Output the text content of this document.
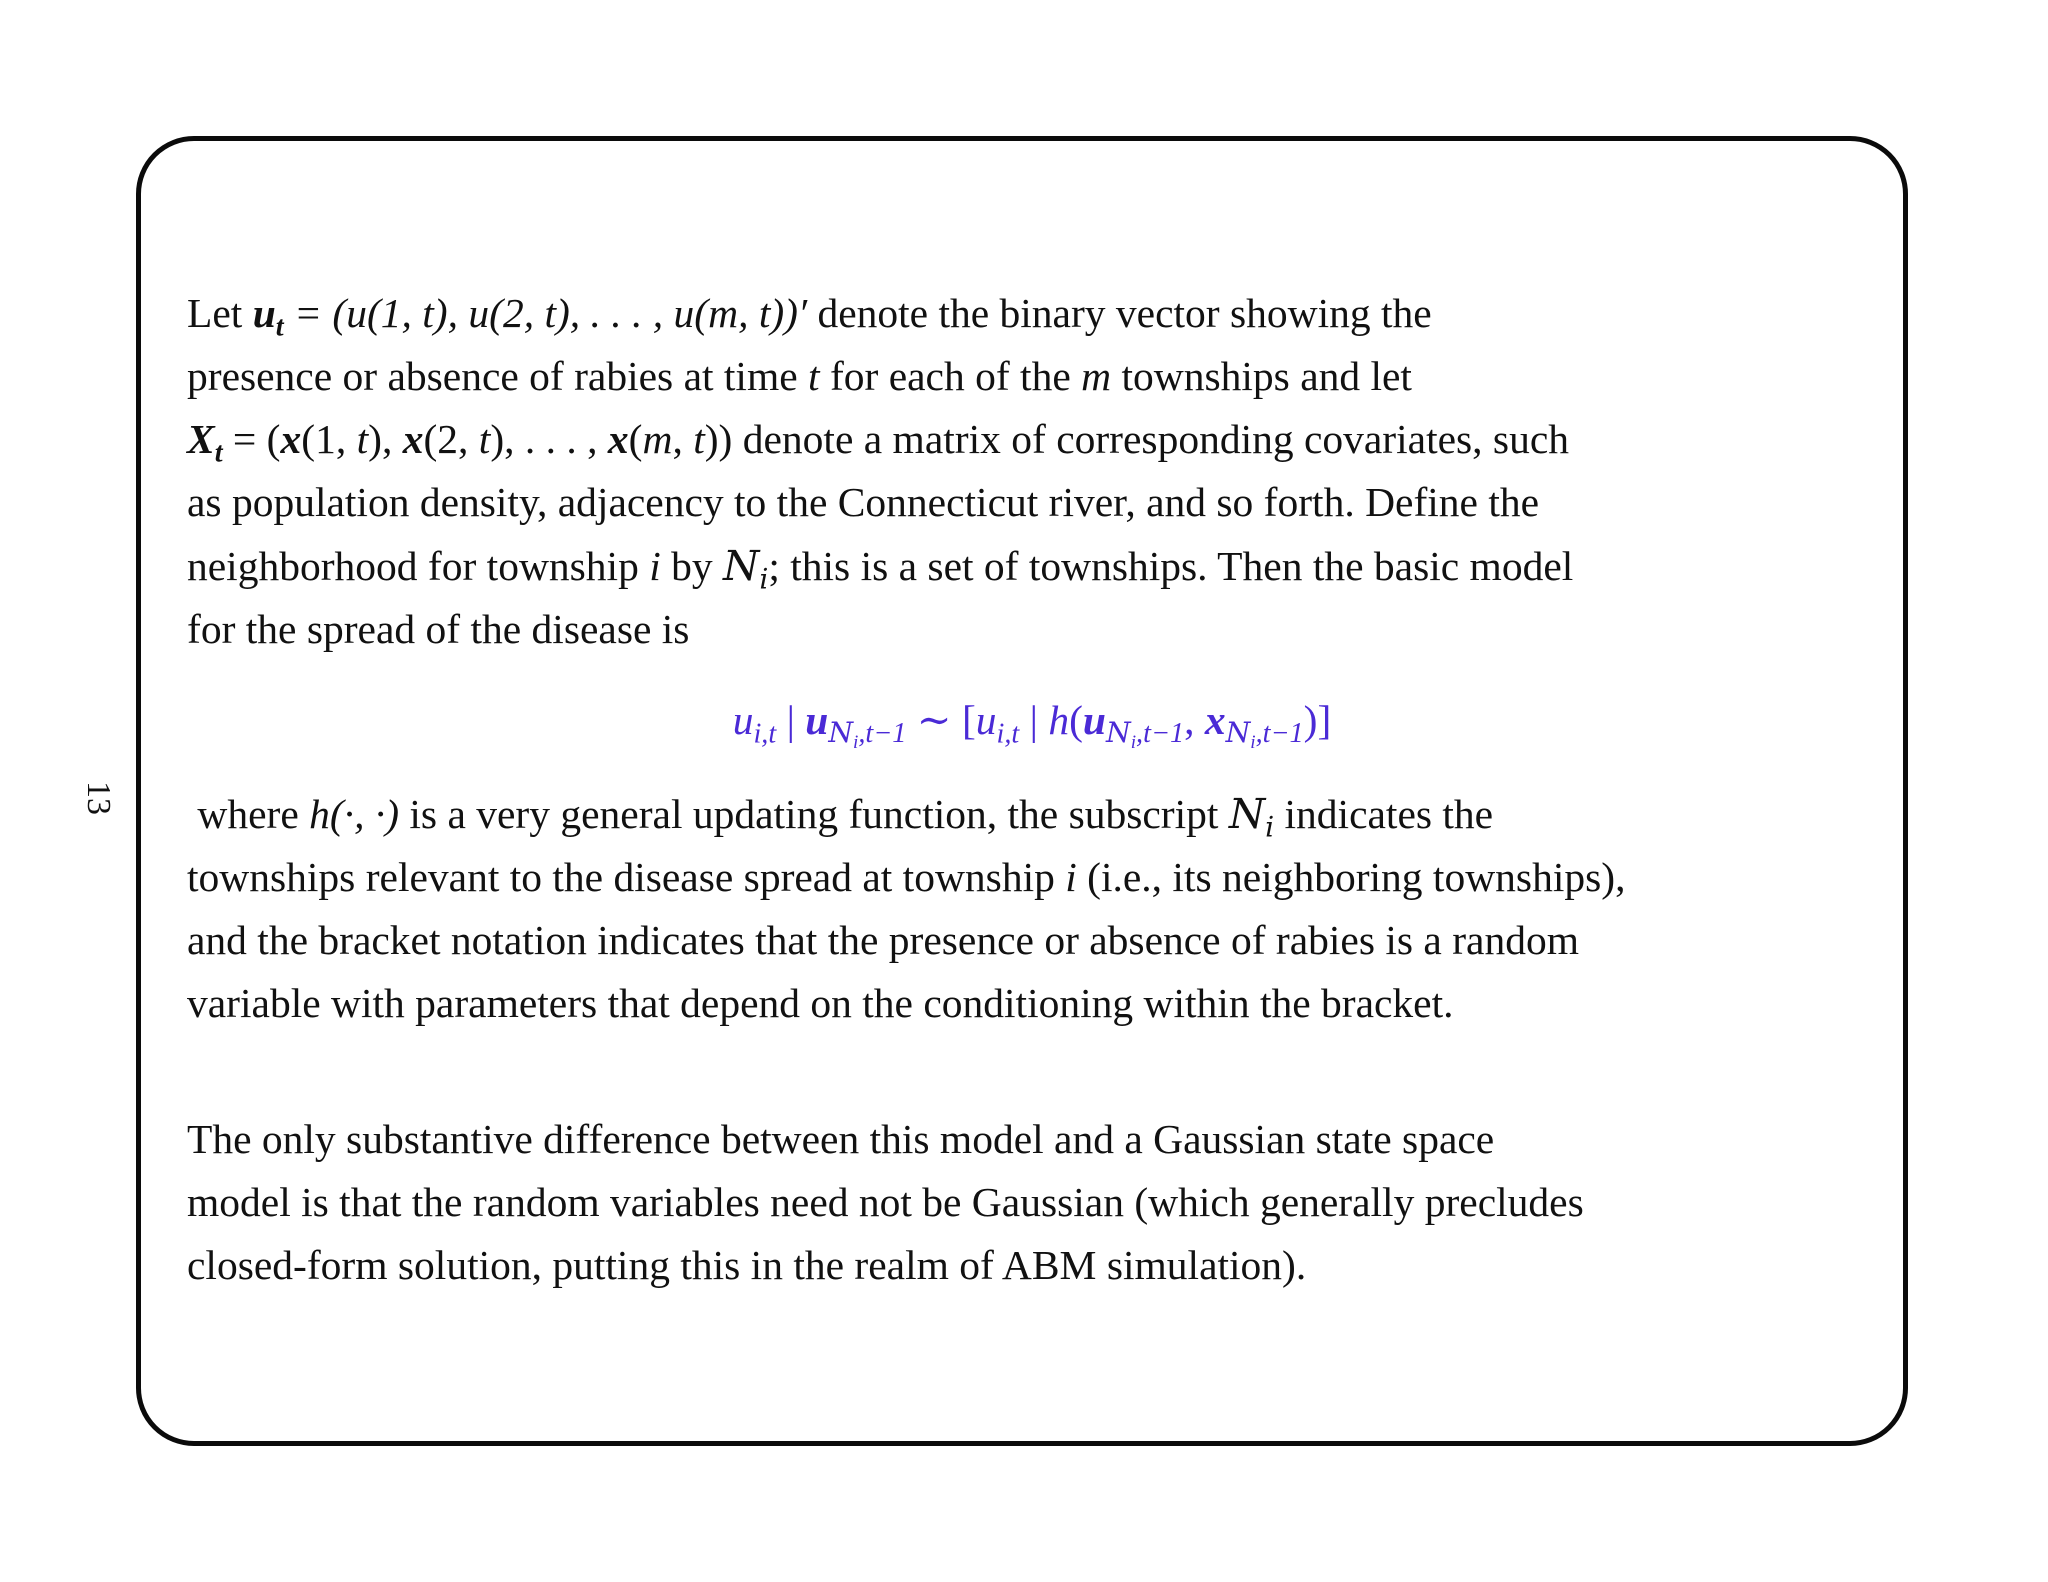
13

Let $u_t = (u(1$, t), u(2, t), . . . , u(m, t))′ denote the binary vector showing the
presence or absence of rabies at time t for each of the m townships and let
$X_t = (x(1$, t), x(2, t), . . . , x(m, t)) denote a matrix of corresponding covariates, such
as population density, adjacency to the Connecticut river, and so forth. Define the
neighborhood for township i by $N_i$; this is a set of townships. Then the basic model
for the spread of the disease is

$u_{i,t}$ | $u_{N_i,t-1}$ ∼ [$u_{i,t}$ | $h(u_{N_i,t-1}$, $x_{N_i,t-1}$)]

where h(·, ·) is a very general updating function, the subscript $N_i$ indicates the
townships relevant to the disease spread at township i (i.e., its neighboring townships),
and the bracket notation indicates that the presence or absence of rabies is a random
variable with parameters that depend on the conditioning within the bracket.

The only substantive difference between this model and a Gaussian state space
model is that the random variables need not be Gaussian (which generally precludes
closed-form solution, putting this in the realm of ABM simulation).
